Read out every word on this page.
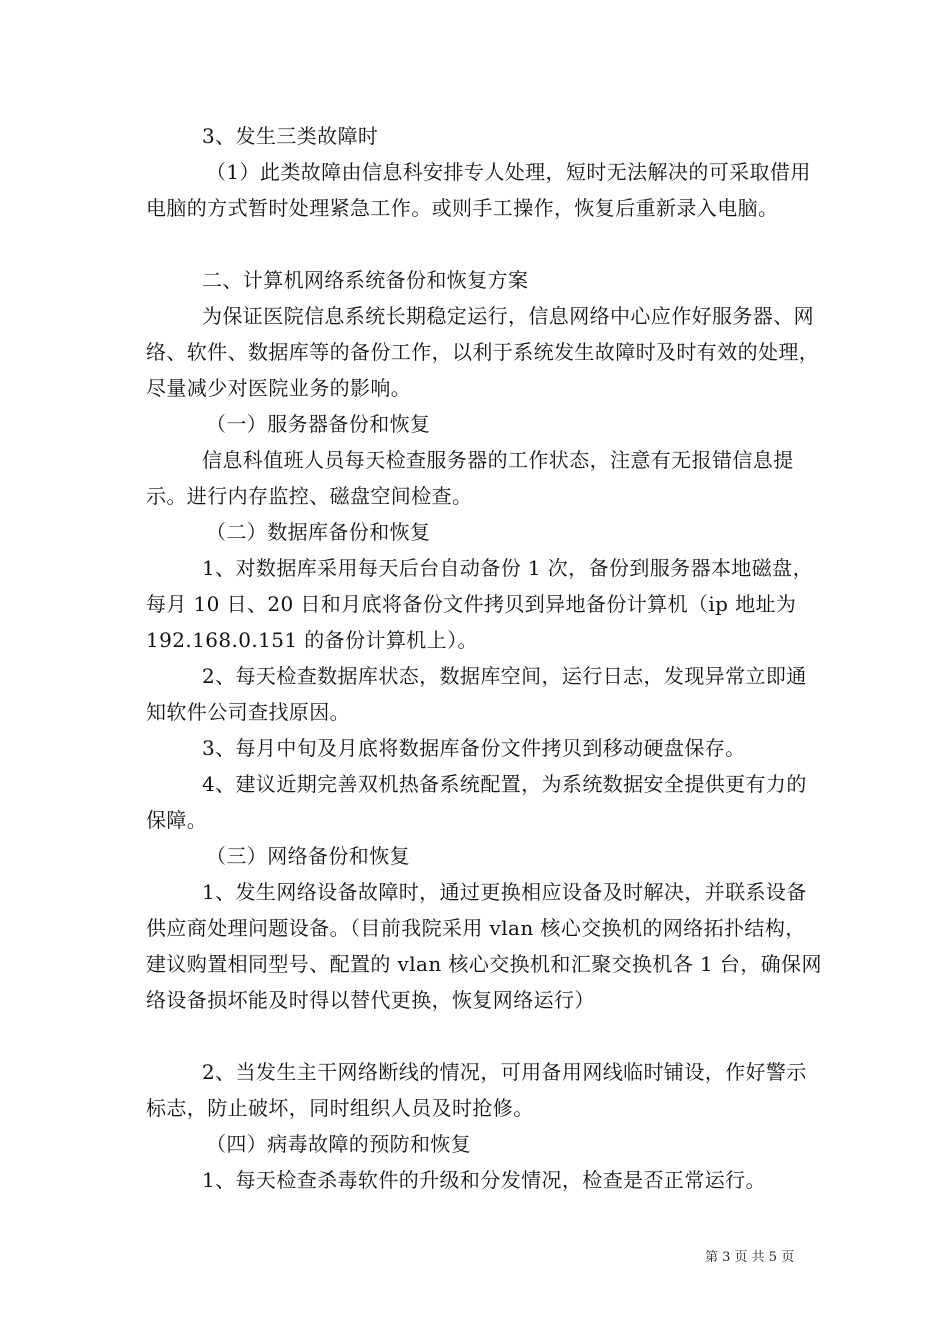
3、发生三类故障时

（1）此类故障由信息科安排专人处理，短时无法解决的可采取借用电脑的方式暂时处理紧急工作。或则手工操作，恢复后重新录入电脑。

二、计算机网络系统备份和恢复方案

为保证医院信息系统长期稳定运行，信息网络中心应作好服务器、网络、软件、数据库等的备份工作，以利于系统发生故障时及时有效的处理，尽量减少对医院业务的影响。

（一）服务器备份和恢复

信息科值班人员每天检查服务器的工作状态，注意有无报错信息提示。进行内存监控、磁盘空间检查。

（二）数据库备份和恢复

1、对数据库采用每天后台自动备份 1 次，备份到服务器本地磁盘，每月 10 日、20 日和月底将备份文件拷贝到异地备份计算机（ip 地址为 192.168.0.151 的备份计算机上）。

2、每天检查数据库状态，数据库空间，运行日志，发现异常立即通知软件公司查找原因。

3、每月中旬及月底将数据库备份文件拷贝到移动硬盘保存。

4、建议近期完善双机热备系统配置，为系统数据安全提供更有力的保障。

（三）网络备份和恢复

1、发生网络设备故障时，通过更换相应设备及时解决，并联系设备供应商处理问题设备。（目前我院采用 vlan 核心交换机的网络拓扑结构，建议购置相同型号、配置的 vlan 核心交换机和汇聚交换机各 1 台，确保网络设备损坏能及时得以替代更换，恢复网络运行）

2、当发生主干网络断线的情况，可用备用网线临时铺设，作好警示标志，防止破坏，同时组织人员及时抢修。

（四）病毒故障的预防和恢复

1、每天检查杀毒软件的升级和分发情况，检查是否正常运行。

第 3 页 共 5 页
